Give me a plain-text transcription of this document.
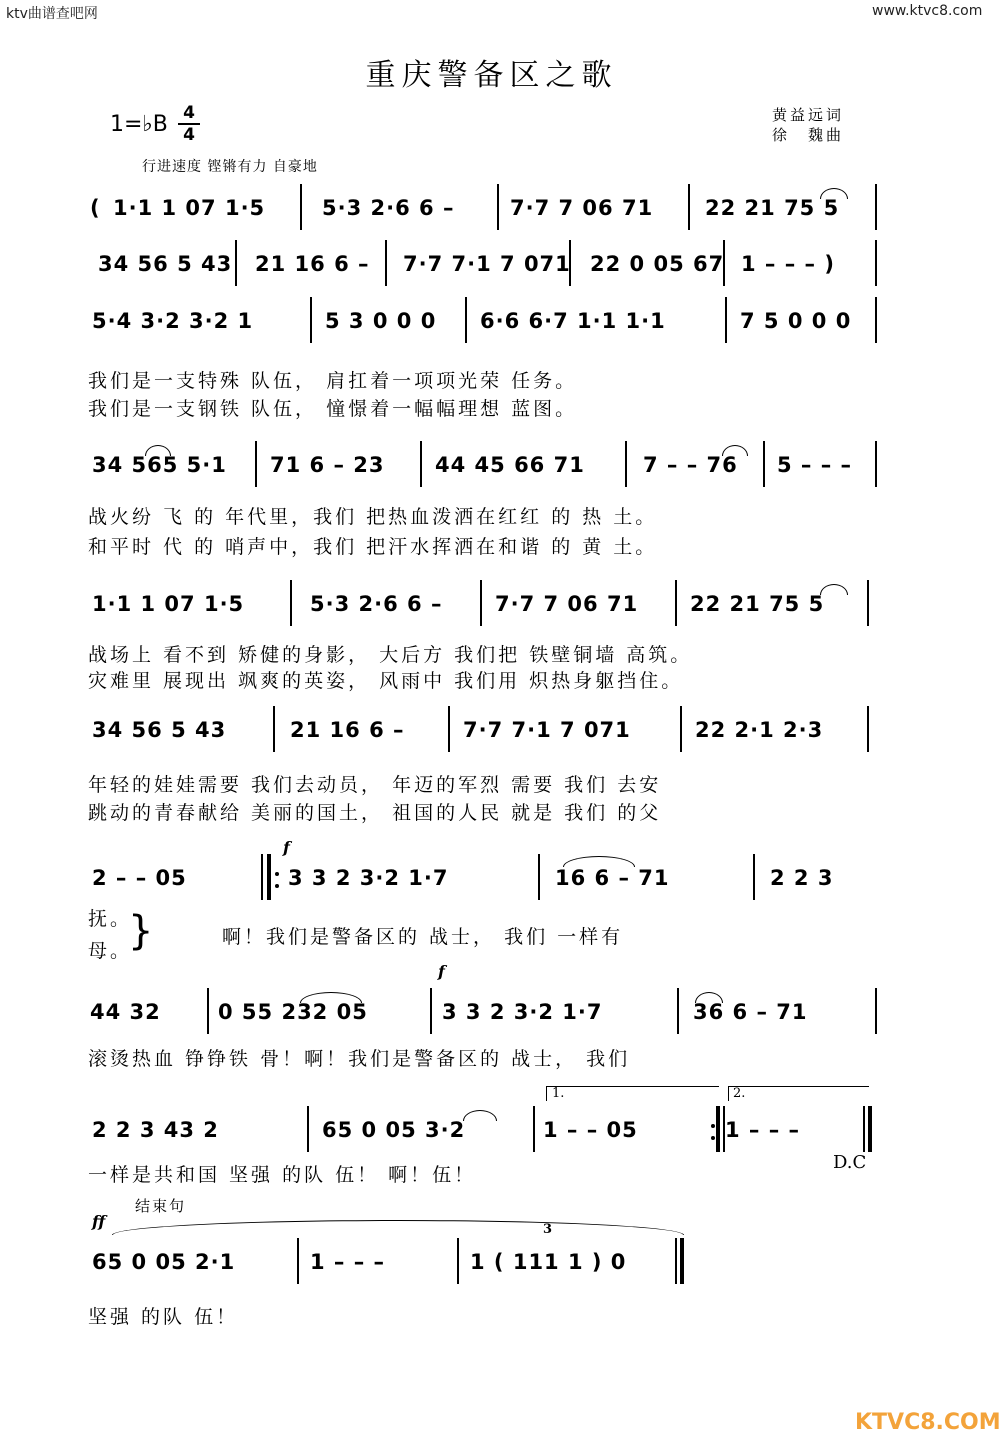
ktv曲谱查吧网	www.ktvc8.com
重庆警备区之歌
1=♭B 4
4
黄益远词
徐　魏曲
行进速度 铿锵有力 自豪地
( 1·1 1 07 1·5	5·3 2·6 6 –	7·7 7 06 71 22 21 75 5
34 56 5 43 21 16 6 – 7·7 7·1 7 071 22 0 05 67 1 – – – )
5·4 3·2 3·2 1	5 3 0 0 0 6·6 6·7 1·1 1·1	7 5 0 0 0
我们是一支特殊 队伍， 肩扛着一项项光荣 任务。
我们是一支钢铁 队伍， 憧憬着一幅幅理想 蓝图。
34 565 5·1 71 6 – 23 44 45 66 71	7 – – 76 5 – – –
战火纷 飞 的 年代里，我们 把热血泼洒在红红 的 热 土。
和平时 代 的 哨声中，我们 把汗水挥洒在和谐 的 黄 土。
1·1 1 07 1·5	5·3 2·6 6 –	7·7 7 06 71 22 21 75 5
战场上 看不到 矫健的身影， 大后方 我们把 铁壁铜墙 高筑。
灾难里 展现出 飒爽的英姿， 风雨中 我们用 炽热身躯挡住。
34 56 5 43	21 16 6 –	7·7 7·1 7 071	22 2·1 2·3
年轻的娃娃需要 我们去动员， 年迈的军烈 需要 我们 去安
跳动的青春献给 美丽的国土， 祖国的人民 就是 我们 的父
f
2 – – 05	3 3 2 3·2 1·7	16 6 – 71	2 2 3
抚。
母。
}	啊！我们是警备区的 战士， 我们 一样有
f
44 32	0 55 232 05	3 3 2 3·2 1·7	36 6 – 71
滚烫热血 铮铮铁 骨！啊！我们是警备区的 战士， 我们
1.	2.
2 2 3 43 2	65 0 05 3·2	1 – – 05	1 – – –
一样是共和国 坚强 的队 伍！ 啊！伍！
D.C
结束句
ff
65 0 05 2·1	1 – – –	1 ( 111 1 ) 0
3
坚强 的队 伍！
KTVC8.COM
